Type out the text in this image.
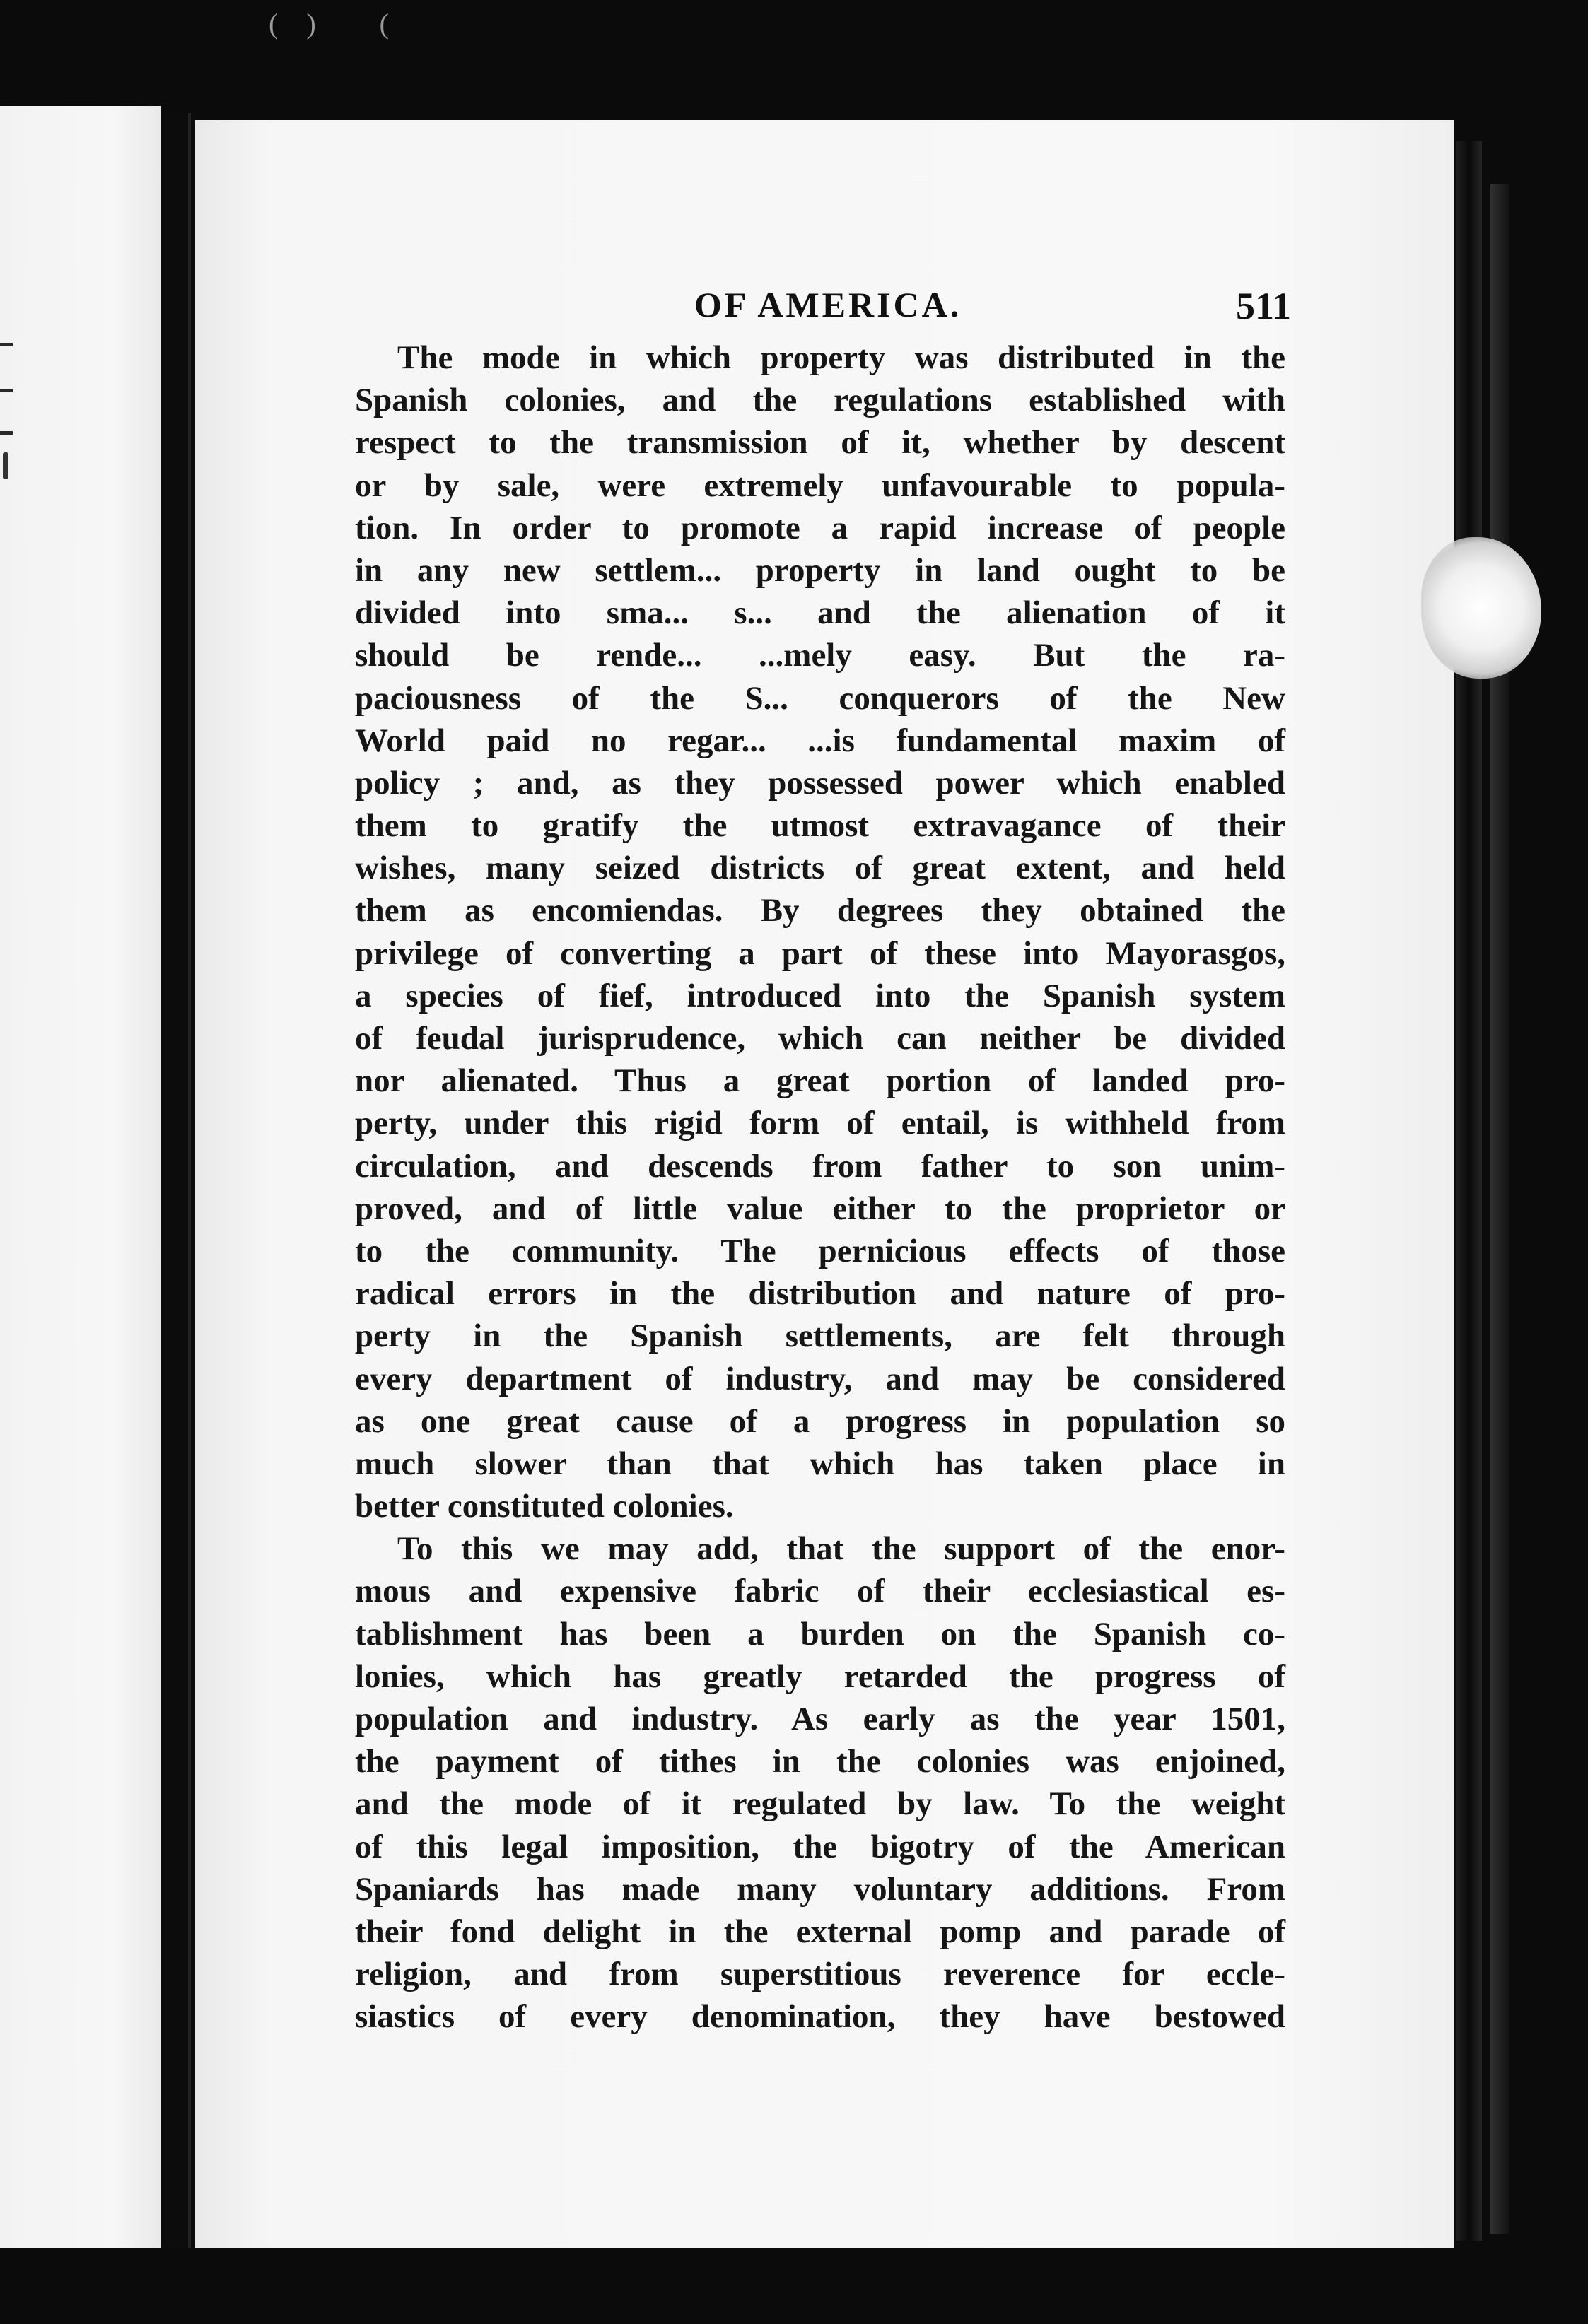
() (
OF AMERICA.	511
The mode in which property was distributed in the
Spanish colonies, and the regulations established with
respect to the transmission of it, whether by descent
or by sale, were extremely unfavourable to popula-
tion. In order to promote a rapid increase of people
in any new settlem... property in land ought to be
divided into sma... s... and the alienation of it
should be rende... ...mely easy. But the ra-
paciousness of the S... conquerors of the New
World paid no regar... ...is fundamental maxim of
policy ; and, as they possessed power which enabled
them to gratify the utmost extravagance of their
wishes, many seized districts of great extent, and held
them as encomiendas. By degrees they obtained the
privilege of converting a part of these into Mayorasgos,
a species of fief, introduced into the Spanish system
of feudal jurisprudence, which can neither be divided
nor alienated. Thus a great portion of landed pro-
perty, under this rigid form of entail, is withheld from
circulation, and descends from father to son unim-
proved, and of little value either to the proprietor or
to the community. The pernicious effects of those
radical errors in the distribution and nature of pro-
perty in the Spanish settlements, are felt through
every department of industry, and may be considered
as one great cause of a progress in population so
much slower than that which has taken place in
better constituted colonies.
To this we may add, that the support of the enor-
mous and expensive fabric of their ecclesiastical es-
tablishment has been a burden on the Spanish co-
lonies, which has greatly retarded the progress of
population and industry. As early as the year 1501,
the payment of tithes in the colonies was enjoined,
and the mode of it regulated by law. To the weight
of this legal imposition, the bigotry of the American
Spaniards has made many voluntary additions. From
their fond delight in the external pomp and parade of
religion, and from superstitious reverence for eccle-
siastics of every denomination, they have bestowed
